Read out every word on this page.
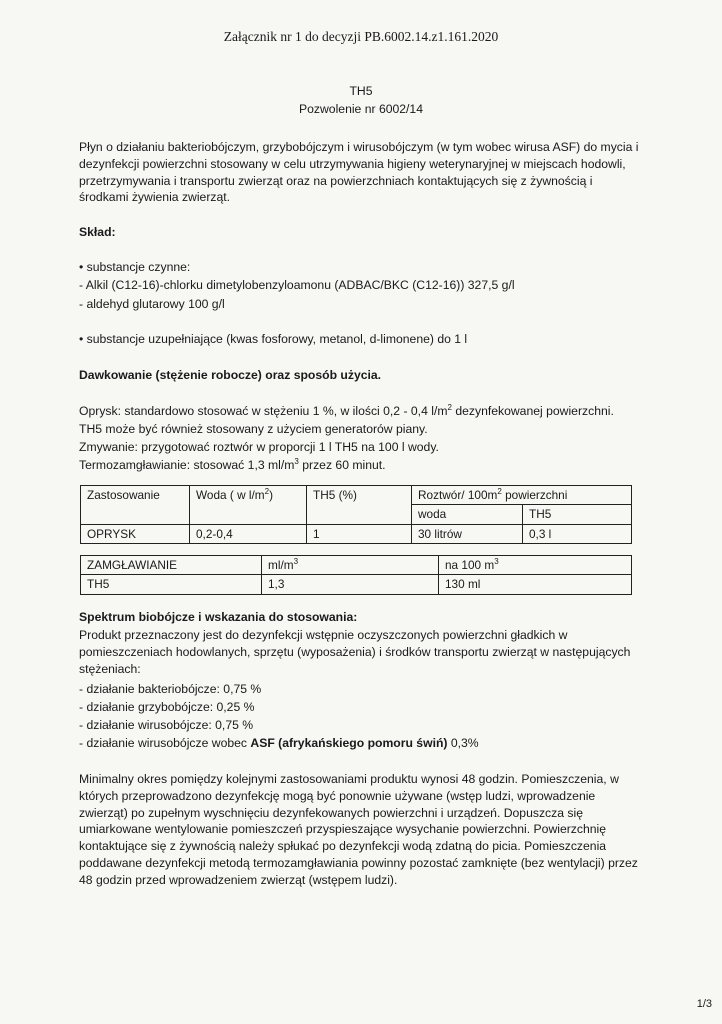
Załącznik nr 1 do decyzji PB.6002.14.z1.161.2020
TH5
Pozwolenie nr 6002/14

Płyn o działaniu bakteriobójczym, grzybobójczym i wirusobójczym (w tym wobec wirusa ASF) do mycia i dezynfekcji powierzchni stosowany w celu utrzymywania higieny weterynaryjnej w miejscach hodowli, przetrzymywania i transportu zwierząt oraz na powierzchniach kontaktujących się z żywnością i środkami żywienia zwierząt.

Skład:

• substancje czynne:

- Alkil (C12-16)-chlorku dimetylobenzyloamonu (ADBAC/BKC (C12-16)) 327,5 g/l

- aldehyd glutarowy 100 g/l

• substancje uzupełniające (kwas fosforowy, metanol, d-limonene) do 1 l

Dawkowanie (stężenie robocze) oraz sposób użycia.

Oprysk: standardowo stosować w stężeniu 1 %, w ilości 0,2 - 0,4 $l/m^2$ dezynfekowanej powierzchni.

TH5 może być również stosowany z użyciem generatorów piany.

Zmywanie: przygotować roztwór w proporcji 1 l TH5 na 100 l wody.

Termozamgławianie: stosować 1,3 $ml/m^3$ przez 60 minut.

Zastosowanie	Woda ( w $l/m^2$)	TH5 (%)	Roztwór/ $100m^2$ powierzchni	
			woda	TH5
OPRYSK	0,2-0,4	1	30 litrów	0,3 l
ZAMGŁAWIANIE	$ml/m^3$	na 100 $m^3$
TH5	1,3	130 ml

Spektrum biobójcze i wskazania do stosowania:

Produkt przeznaczony jest do dezynfekcji wstępnie oczyszczonych powierzchni gładkich w pomieszczeniach hodowlanych, sprzętu (wyposażenia) i środków transportu zwierząt w następujących stężeniach:

- działanie bakteriobójcze: 0,75 %

- działanie grzybobójcze: 0,25 %

- działanie wirusobójcze: 0,75 %

- działanie wirusobójcze wobec ASF (afrykańskiego pomoru świń) 0,3%

Minimalny okres pomiędzy kolejnymi zastosowaniami produktu wynosi 48 godzin. Pomieszczenia, w których przeprowadzono dezynfekcję mogą być ponownie używane (wstęp ludzi, wprowadzenie zwierząt) po zupełnym wyschnięciu dezynfekowanych powierzchni i urządzeń. Dopuszcza się umiarkowane wentylowanie pomieszczeń przyspieszające wysychanie powierzchni. Powierzchnię kontaktujące się z żywnością należy spłukać po dezynfekcji wodą zdatną do picia. Pomieszczenia poddawane dezynfekcji metodą termozamgławiania powinny pozostać zamknięte (bez wentylacji) przez 48 godzin przed wprowadzeniem zwierząt (wstępem ludzi).

1/3
